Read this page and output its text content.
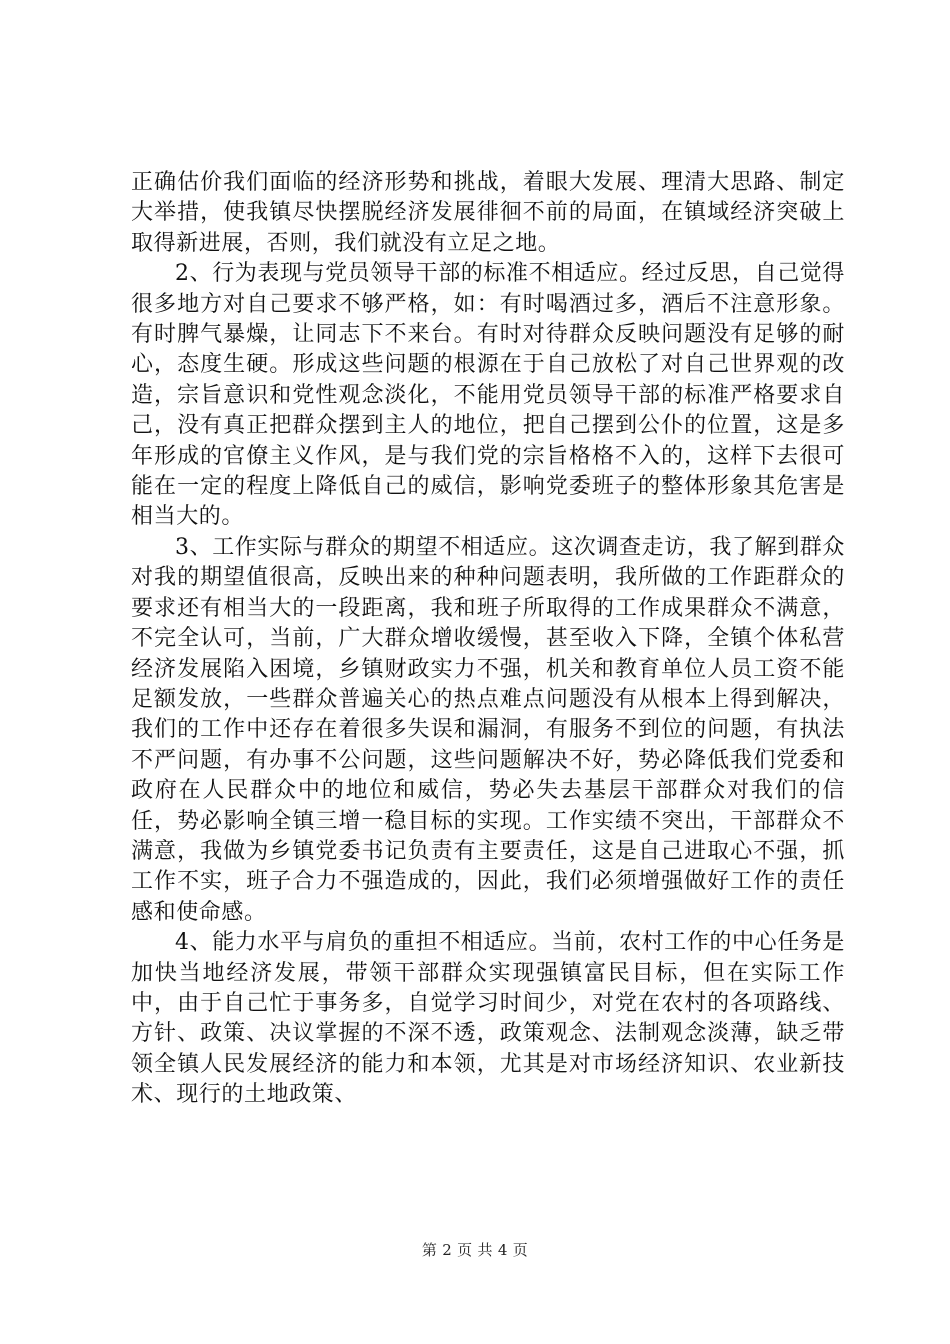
正确估价我们面临的经济形势和挑战，着眼大发展、理清大思路、制定大举措，使我镇尽快摆脱经济发展徘徊不前的局面，在镇域经济突破上取得新进展，否则，我们就没有立足之地。

2、行为表现与党员领导干部的标准不相适应。经过反思，自己觉得很多地方对自己要求不够严格，如：有时喝酒过多，酒后不注意形象。有时脾气暴燥，让同志下不来台。有时对待群众反映问题没有足够的耐心，态度生硬。形成这些问题的根源在于自己放松了对自己世界观的改造，宗旨意识和党性观念淡化，不能用党员领导干部的标准严格要求自己，没有真正把群众摆到主人的地位，把自己摆到公仆的位置，这是多年形成的官僚主义作风，是与我们党的宗旨格格不入的，这样下去很可能在一定的程度上降低自己的威信，影响党委班子的整体形象其危害是相当大的。

3、工作实际与群众的期望不相适应。这次调查走访，我了解到群众对我的期望值很高，反映出来的种种问题表明，我所做的工作距群众的要求还有相当大的一段距离，我和班子所取得的工作成果群众不满意，不完全认可，当前，广大群众增收缓慢，甚至收入下降，全镇个体私营经济发展陷入困境，乡镇财政实力不强，机关和教育单位人员工资不能足额发放，一些群众普遍关心的热点难点问题没有从根本上得到解决，我们的工作中还存在着很多失误和漏洞，有服务不到位的问题，有执法不严问题，有办事不公问题，这些问题解决不好，势必降低我们党委和政府在人民群众中的地位和威信，势必失去基层干部群众对我们的信任，势必影响全镇三增一稳目标的实现。工作实绩不突出，干部群众不满意，我做为乡镇党委书记负责有主要责任，这是自己进取心不强，抓工作不实，班子合力不强造成的，因此，我们必须增强做好工作的责任感和使命感。

4、能力水平与肩负的重担不相适应。当前，农村工作的中心任务是加快当地经济发展，带领干部群众实现强镇富民目标，但在实际工作中，由于自己忙于事务多，自觉学习时间少，对党在农村的各项路线、方针、政策、决议掌握的不深不透，政策观念、法制观念淡薄，缺乏带领全镇人民发展经济的能力和本领，尤其是对市场经济知识、农业新技术、现行的土地政策、

第 2 页 共 4 页
